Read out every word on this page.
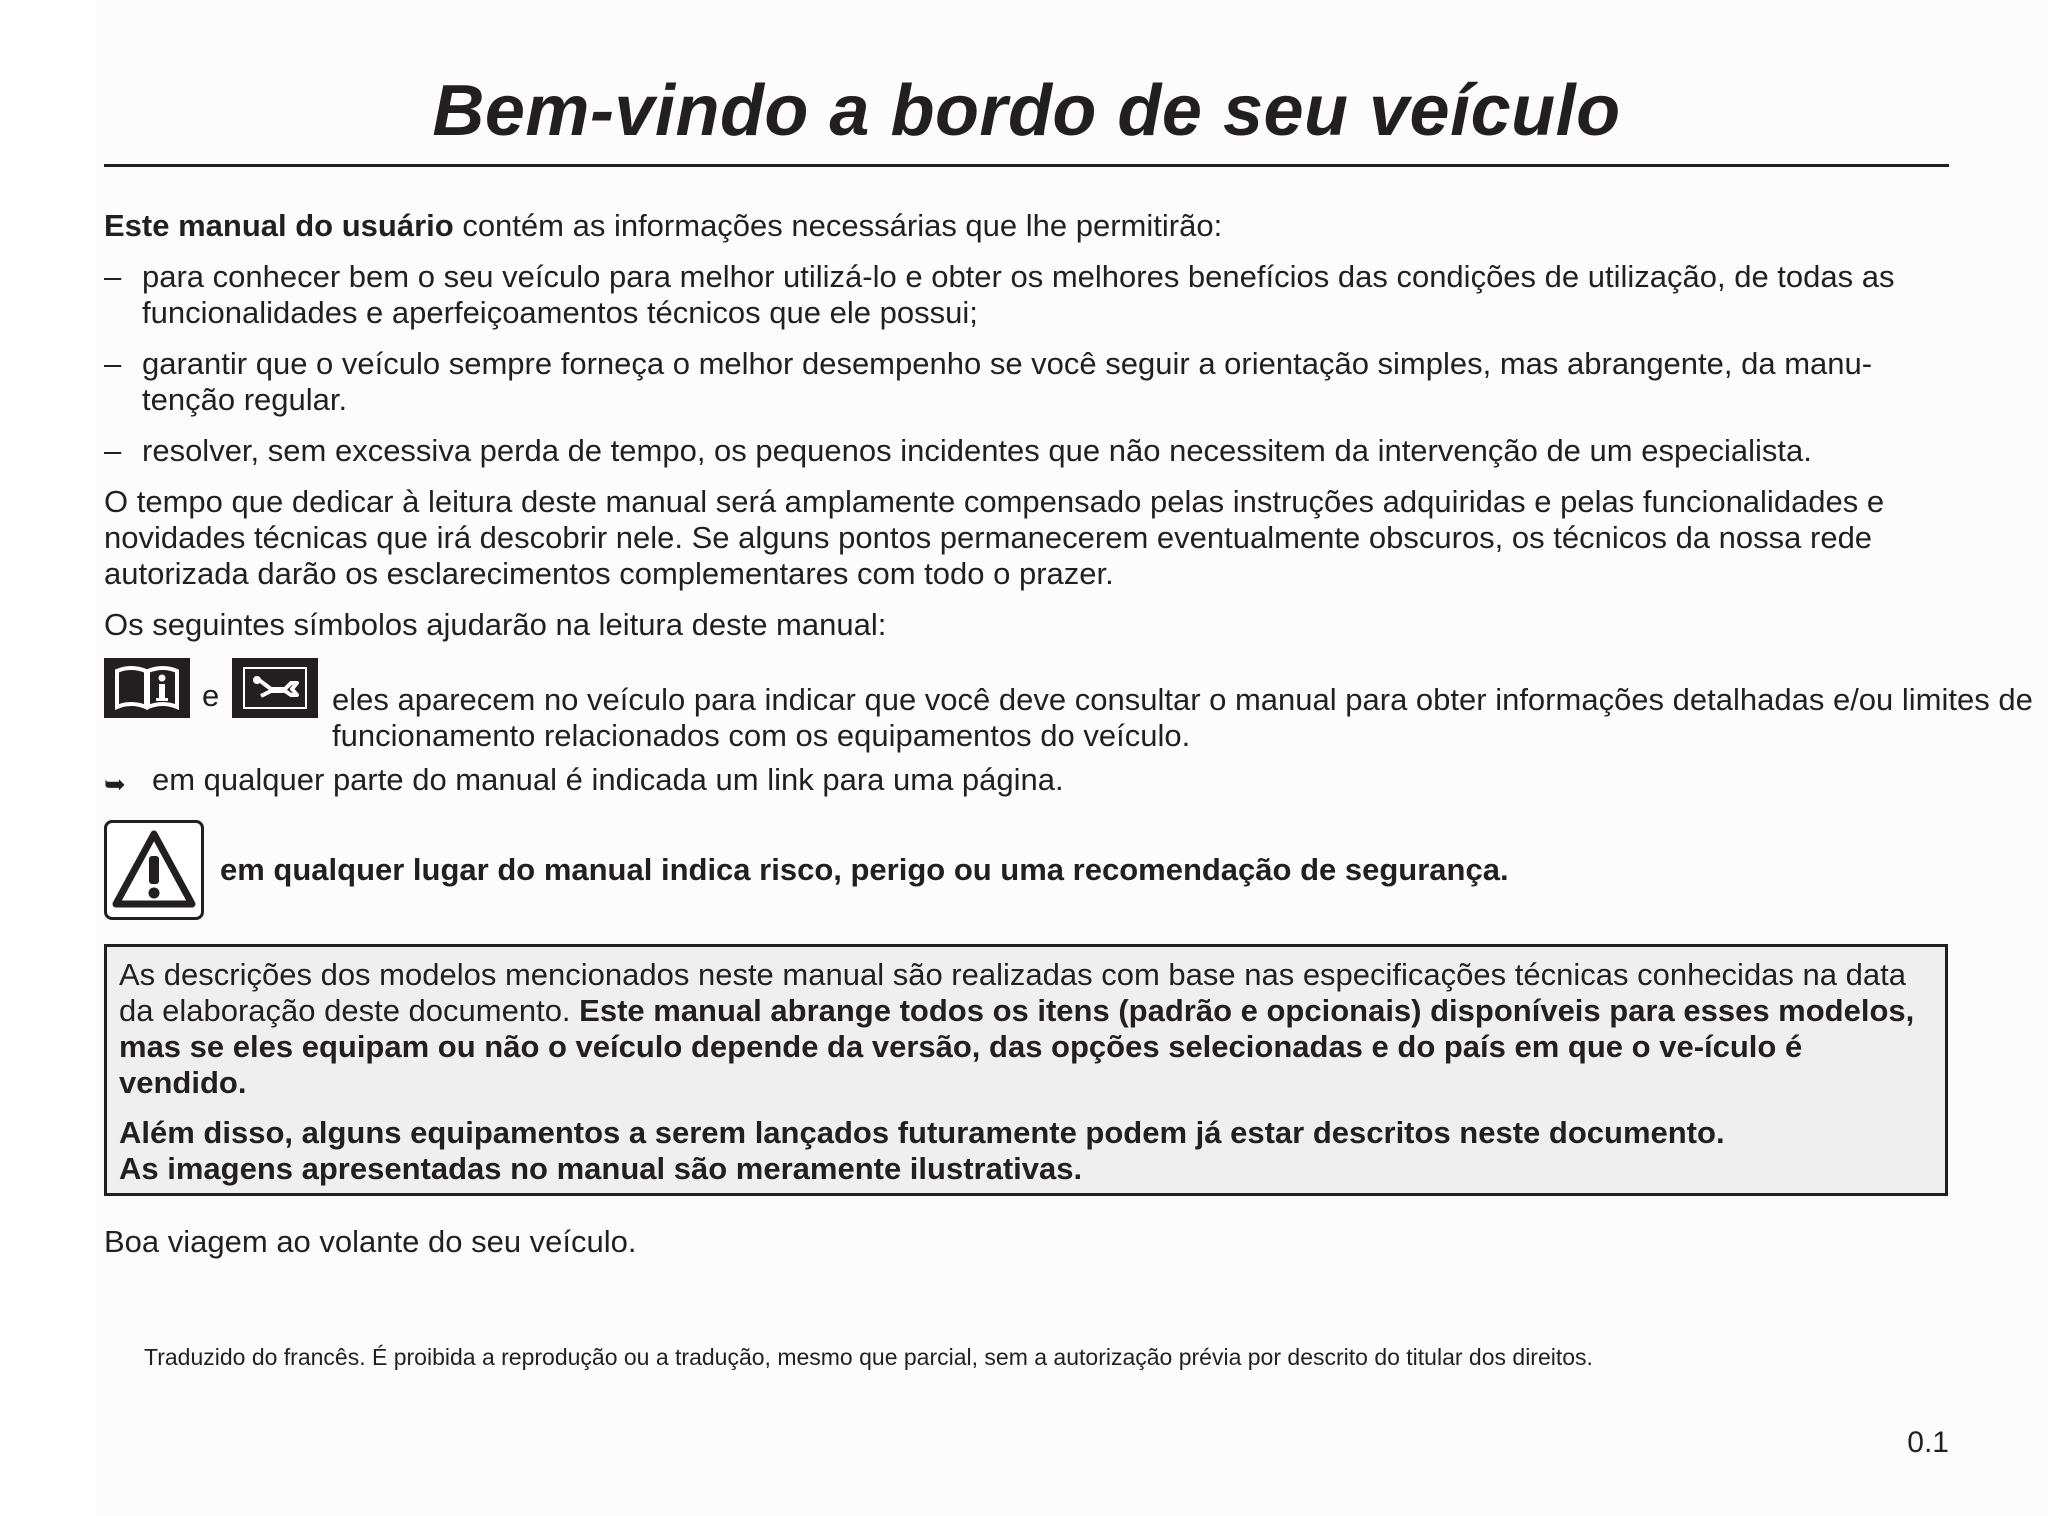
Bem-vindo a bordo de seu veículo

Este manual do usuário contém as informações necessárias que lhe permitirão:

– para conhecer bem o seu veículo para melhor utilizá-lo e obter os melhores benefícios das condições de utilização, de todas as funcionalidades e aperfeiçoamentos técnicos que ele possui;
– garantir que o veículo sempre forneça o melhor desempenho se você seguir a orientação simples, mas abrangente, da manu-tenção regular.
– resolver, sem excessiva perda de tempo, os pequenos incidentes que não necessitem da intervenção de um especialista.

O tempo que dedicar à leitura deste manual será amplamente compensado pelas instruções adquiridas e pelas funcionalidades e novidades técnicas que irá descobrir nele. Se alguns pontos permanecerem eventualmente obscuros, os técnicos da nossa rede autorizada darão os esclarecimentos complementares com todo o prazer.

Os seguintes símbolos ajudarão na leitura deste manual:

e	eles aparecem no veículo para indicar que você deve consultar o manual para obter informações detalhadas e/ou limites de funcionamento relacionados com os equipamentos do veículo.
➥ em qualquer parte do manual é indicada um link para uma página.
em qualquer lugar do manual indica risco, perigo ou uma recomendação de segurança.

As descrições dos modelos mencionados neste manual são realizadas com base nas especificações técnicas conhecidas na data da elaboração deste documento. Este manual abrange todos os itens (padrão e opcionais) disponíveis para esses modelos, mas se eles equipam ou não o veículo depende da versão, das opções selecionadas e do país em que o ve-ículo é vendido.

Além disso, alguns equipamentos a serem lançados futuramente podem já estar descritos neste documento.
As imagens apresentadas no manual são meramente ilustrativas.

Boa viagem ao volante do seu veículo.

Traduzido do francês. É proibida a reprodução ou a tradução, mesmo que parcial, sem a autorização prévia por descrito do titular dos direitos.
0.1
